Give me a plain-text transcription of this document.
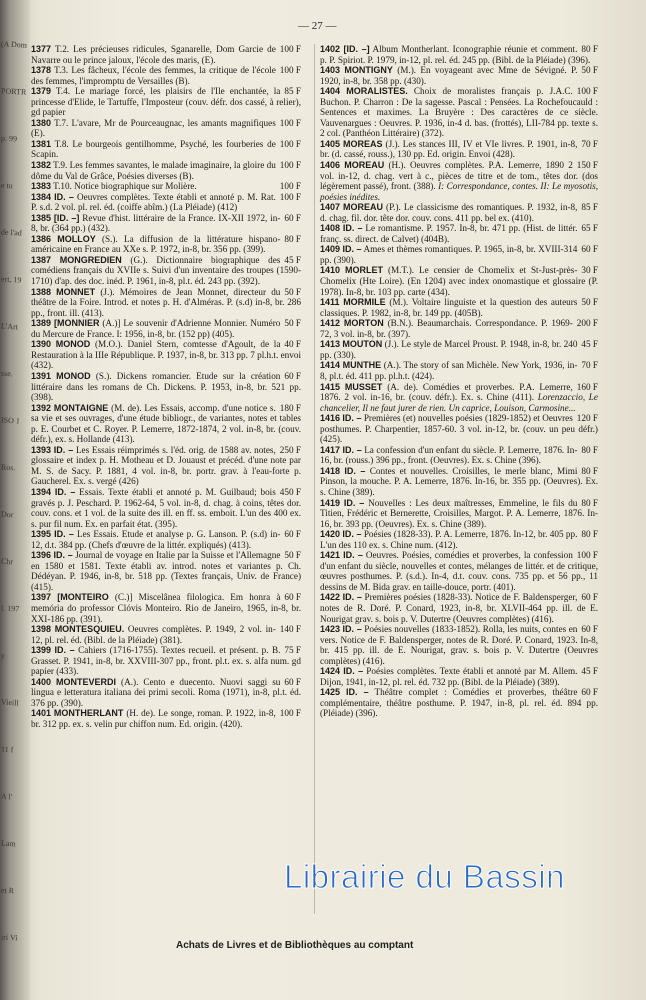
(A Dom
PORTR
p. 99
e tu
de l'ad
ert, 19
L'Art
sse.
ISO 1
Ros.
Dor
Chr
l. 197
y
Vieill
11 f
A l'
Lam
et R
iri Vi
— 27 —

100 F
1377 T.2. Les précieuses ridicules, Sganarelle, Dom Garcie de Navarre ou le prince jaloux, l'école des maris, (E).

100 F
1378 T.3. Les fâcheux, l'école des femmes, la critique de l'école des femmes, l'impromptu de Versailles (B).

85 F
1379 T.4. Le mariage forcé, les plaisirs de l'Ile enchantée, la princesse d'Elide, le Tartuffe, l'Imposteur (couv. défr. dos cassé, à relier), gd papier

100 F
1380 T.7. L'avare, Mr de Pourceaugnac, les amants magnifiques (E).

100 F
1381 T.8. Le bourgeois gentilhomme, Psyché, les fourberies de Scapin.

100 F
1382 T.9. Les femmes savantes, le malade imaginaire, la gloire du dôme du Val de Grâce, Poésies diverses (B).

100 F
1383 T.10. Notice biographique sur Molière.

100 F
1384 ID. – Oeuvres complètes. Texte établi et annoté p. M. Rat. P. s.d. 2 vol. pl. rel. éd. (coiffe abîm.) (La Pléiade) (412)

60 F
1385 [ID. –] Revue d'hist. littéraire de la France. IX-XII 1972, in-8, br. (364 pp.) (432).

80 F
1386 MOLLOY (S.). La diffusion de la littérature hispano-américaine en France au XXe s. P. 1972, in-8, br. 356 pp. (399).

45 F
1387 MONGREDIEN (G.). Dictionnaire biographique des comédiens français du XVIIe s. Suivi d'un inventaire des troupes (1590-1710) d'ap. des doc. inéd. P. 1961, in-8, pl.t. éd. 243 pp. (392).

50 F
1388 MONNET (J.). Mémoires de Jean Monnet, directeur du théâtre de la Foire. Introd. et notes p. H. d'Alméras. P. (s.d) in-8, br. 286 pp., front. ill. (413).

50 F
1389 [MONNIER (A.)] Le souvenir d'Adrienne Monnier. Numéro du Mercure de France. I: 1956, in-8, br. (152 pp) (405).

40 F
1390 MONOD (M.O.). Daniel Stern, comtesse d'Agoult, de la Restauration à la IIIe République. P. 1937, in-8, br. 313 pp. 7 pl.h.t. envoi (432).

60 F
1391 MONOD (S.). Dickens romancier. Etude sur la création littéraire dans les romans de Ch. Dickens. P. 1953, in-8, br. 521 pp. (398).

180 F
1392 MONTAIGNE (M. de). Les Essais, accomp. d'une notice s. sa vie et ses ouvrages, d'une étude bibliogr., de variantes, notes et tables p. E. Courbet et C. Royer. P. Lemerre, 1872-1874, 2 vol. in-8, br. (couv. défr.), ex. s. Hollande (413).

250 F
1393 ID. – Les Essais réimprimés s. l'éd. orig. de 1588 av. notes, glossaire et index p. H. Motheau et D. Jouaust et précéd. d'une note par M. S. de Sacy. P. 1881, 4 vol. in-8, br. portr. grav. à l'eau-forte p. Gaucherel. Ex. s. vergé (426)

450 F
1394 ID. – Essais. Texte établi et annoté p. M. Guilbaud; bois gravés p. J. Peschard. P. 1962-64, 5 vol. in-8, d. chag. à coins, têtes dor. couv. cons. et 1 vol. de la suite des ill. en ff. ss. emboit. L'un des 400 ex. s. pur fil num. Ex. en parfait état. (395).

60 F
1395 ID. – Les Essais. Etude et analyse p. G. Lanson. P. (s.d) in-12, d.t. 384 pp. (Chefs d'œuvre de la littér. expliqués) (413).

50 F
1396 ID. – Journal de voyage en Italie par la Suisse et l'Allemagne en 1580 et 1581. Texte établi av. introd. notes et variantes p. Ch. Dédéyan. P. 1946, in-8, br. 518 pp. (Textes français, Univ. de France) (415).

60 F
1397 [MONTEIRO (C.)] Miscelânea filologica. Em honra à memória do professor Clóvis Monteiro. Rio de Janeiro, 1965, in-8, br. XXI-186 pp. (391).

140 F
1398 MONTESQUIEU. Oeuvres complètes. P. 1949, 2 vol. in-12, pl. rel. éd. (Bibl. de la Pléiade) (381).

75 F
1399 ID. – Cahiers (1716-1755). Textes recueil. et présent. p. B. Grasset. P. 1941, in-8, br. XXVIII-307 pp., front. pl.t. ex. s. alfa num. gd papier (433).

60 F
1400 MONTEVERDI (A.). Cento e duecento. Nuovi saggi su lingua e letteratura italiana dei primi secoli. Roma (1971), in-8, pl.t. éd. 376 pp. (390).

100 F
1401 MONTHERLANT (H. de). Le songe, roman. P. 1922, in-8, br. 312 pp. ex. s. velin pur chiffon num. Ed. origin. (420).

80 F
1402 [ID. –] Album Montherlant. Iconographie réunie et comment. p. P. Spiriot. P. 1979, in-12, pl. rel. éd. 245 pp. (Bibl. de la Pléiade) (396).

50 F
1403 MONTIGNY (M.). En voyageant avec Mme de Sévigné. P. 1920, in-8, br. 358 pp. (430).

100 F
1404 MORALISTES. Choix de moralistes français p. J.A.C. Buchon. P. Charron : De la sagesse. Pascal : Pensées. La Rochefoucauld : Sentences et maximes. La Bruyère : Des caractères de ce siècle. Vauvenargues : Oeuvres. P. 1936, in-4 d. bas. (frottés), LII-784 pp. texte s. 2 col. (Panthéon Littéraire) (372).

70 F
1405 MOREAS (J.). Les stances III, IV et VIe livres. P. 1901, in-8, br. (d. cassé, rouss.), 130 pp. Ed. origin. Envoi (428).

150 F
1406 MOREAU (H.). Oeuvres complètes. P.A. Lemerre, 1890 2 vol. in-12, d. chag. vert à c., pièces de titre et de tom., têtes dor. (dos légèrement passé), front. (388). I: Correspondance, contes. II: Le myosotis, poésies inédites.

85 F
1407 MOREAU (P.). Le classicisme des romantiques. P. 1932, in-8, d. chag. fil. dor. tête dor. couv. cons. 411 pp. bel ex. (410).

65 F
1408 ID. – Le romantisme. P. 1957. In-8, br. 471 pp. (Hist. de littér. franç. ss. direct. de Calvet) (404B).

60 F
1409 ID. – Ames et thèmes romantiques. P. 1965, in-8, br. XVIII-314 pp. (390).

30 F
1410 MORLET (M.T.). Le censier de Chomelix et St-Just-près-Chomelix (Hte Loire). (En 1204) avec index onomastique et glossaire (P. 1978). In-8, br. 103 pp. carte (434).

50 F
1411 MORMILE (M.). Voltaire linguiste et la question des auteurs classiques. P. 1982, in-8, br. 149 pp. (405B).

200 F
1412 MORTON (B.N.). Beaumarchais. Correspondance. P. 1969-72, 3 vol. in-8, br. (397).

45 F
1413 MOUTON (J.). Le style de Marcel Proust. P. 1948, in-8, br. 240 pp. (330).

70 F
1414 MUNTHE (A.). The story of san Michèle. New York, 1936, in-8, pl.t. éd. 411 pp. pl.h.t. (424).

160 F
1415 MUSSET (A. de). Comédies et proverbes. P.A. Lemerre, 1876. 2 vol. in-16, br. (couv. défr.). Ex. s. Chine (411). Lorenzaccio, Le chancelier, Il ne faut jurer de rien. Un caprice, Louison, Carmosine...

120 F
1416 ID. – Premières (et) nouvelles poésies (1829-1852) et Oeuvres posthumes. P. Charpentier, 1857-60. 3 vol. in-12, br. (couv. un peu défr.) (425).

80 F
1417 ID. – La confession d'un enfant du siècle. P. Lemerre, 1876. In-16, br. (rouss.) 396 pp., front. (Oeuvres). Ex. s. Chine (396).

80 F
1418 ID. – Contes et nouvelles. Croisilles, le merle blanc, Mimi Pinson, la mouche. P. A. Lemerre, 1876. In-16, br. 355 pp. (Oeuvres). Ex. s. Chine (389).

80 F
1419 ID. – Nouvelles : Les deux maîtresses, Emmeline, le fils du Titien, Frédéric et Bernerette, Croisilles, Margot. P. A. Lemerre, 1876. In-16, br. 393 pp. (Oeuvres). Ex. s. Chine (389).

80 F
1420 ID. – Poésies (1828-33). P. A. Lemerre, 1876. In-12, br. 405 pp. L'un des 110 ex. s. Chine num. (412).

100 F
1421 ID. – Oeuvres. Poésies, comédies et proverbes, la confession d'un enfant du siècle, nouvelles et contes, mélanges de littér. et de critique, œuvres posthumes. P. (s.d.). In-4, d.t. couv. cons. 735 pp. et 56 pp., 11 dessins de M. Bida grav. en taille-douce, portr. (401).

60 F
1422 ID. – Premières poésies (1828-33). Notice de F. Baldensperger, notes de R. Doré. P. Conard, 1923, in-8, br. XLVII-464 pp. ill. de E. Nourigat grav. s. bois p. V. Dutertre (Oeuvres complètes) (416).

60 F
1423 ID. – Poésies nouvelles (1833-1852). Rolla, les nuits, contes en vers. Notice de F. Baldensperger, notes de R. Doré. P. Conard, 1923. In-8, br. 415 pp. ill. de E. Nourigat, grav. s. bois p. V. Dutertre (Oeuvres complètes) (416).

45 F
1424 ID. – Poésies complètes. Texte établi et annoté par M. Allem. Dijon, 1941, in-12, pl. rel. éd. 732 pp. (Bibl. de la Pléiade) (389).

60 F
1425 ID. – Théâtre complet : Comédies et proverbes, théâtre complémentaire, théâtre posthume. P. 1947, in-8, pl. rel. éd. 894 pp. (Pléiade) (396).

Librairie du Bassin
Achats de Livres et de Bibliothèques au comptant
